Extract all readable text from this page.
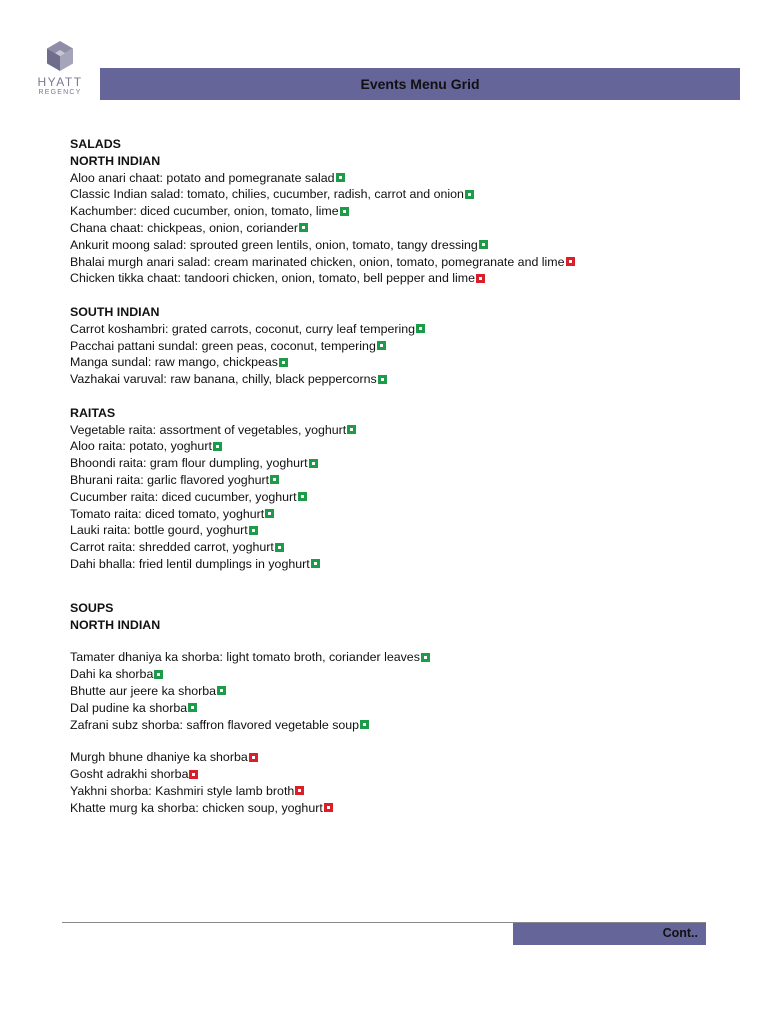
HYATT
REGENCY
Events Menu Grid
SALADS
NORTH INDIAN
Aloo anari chaat: potato and pomegranate salad
Classic Indian salad: tomato, chilies, cucumber, radish, carrot and onion
Kachumber: diced cucumber, onion, tomato, lime
Chana chaat: chickpeas, onion, coriander
Ankurit moong salad: sprouted green lentils, onion, tomato, tangy dressing
Bhalai murgh anari salad: cream marinated chicken, onion, tomato, pomegranate and lime
Chicken tikka chaat: tandoori chicken, onion, tomato, bell pepper and lime
SOUTH INDIAN
Carrot koshambri: grated carrots, coconut, curry leaf tempering
Pacchai pattani sundal: green peas, coconut, tempering
Manga sundal: raw mango, chickpeas
Vazhakai varuval: raw banana, chilly, black peppercorns
RAITAS
Vegetable raita: assortment of vegetables, yoghurt
Aloo raita: potato, yoghurt
Bhoondi raita: gram flour dumpling, yoghurt
Bhurani raita: garlic flavored yoghurt
Cucumber raita: diced cucumber, yoghurt
Tomato raita: diced tomato, yoghurt
Lauki raita: bottle gourd, yoghurt
Carrot raita: shredded carrot, yoghurt
Dahi bhalla: fried lentil dumplings in yoghurt
SOUPS
NORTH INDIAN
Tamater dhaniya ka shorba: light tomato broth, coriander leaves
Dahi ka shorba
Bhutte aur jeere ka shorba
Dal pudine ka shorba
Zafrani subz shorba: saffron flavored vegetable soup
Murgh bhune dhaniye ka shorba
Gosht adrakhi shorba
Yakhni shorba: Kashmiri style lamb broth
Khatte murg ka shorba: chicken soup, yoghurt
Cont..
